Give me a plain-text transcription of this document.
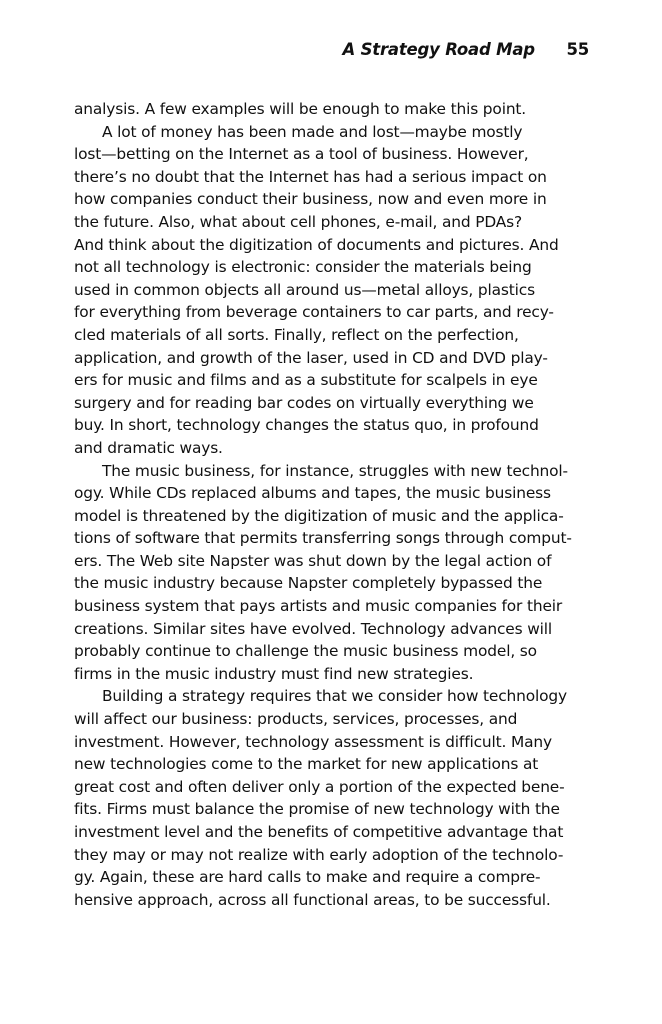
A Strategy Road Map 55
analysis. A few examples will be enough to make this point.
A lot of money has been made and lost—maybe mostly
lost—betting on the Internet as a tool of business. However,
there’s no doubt that the Internet has had a serious impact on
how companies conduct their business, now and even more in
the future. Also, what about cell phones, e-mail, and PDAs?
And think about the digitization of documents and pictures. And
not all technology is electronic: consider the materials being
used in common objects all around us—metal alloys, plastics
for everything from beverage containers to car parts, and recy-
cled materials of all sorts. Finally, reflect on the perfection,
application, and growth of the laser, used in CD and DVD play-
ers for music and films and as a substitute for scalpels in eye
surgery and for reading bar codes on virtually everything we
buy. In short, technology changes the status quo, in profound
and dramatic ways.
The music business, for instance, struggles with new technol-
ogy. While CDs replaced albums and tapes, the music business
model is threatened by the digitization of music and the applica-
tions of software that permits transferring songs through comput-
ers. The Web site Napster was shut down by the legal action of
the music industry because Napster completely bypassed the
business system that pays artists and music companies for their
creations. Similar sites have evolved. Technology advances will
probably continue to challenge the music business model, so
firms in the music industry must find new strategies.
Building a strategy requires that we consider how technology
will affect our business: products, services, processes, and
investment. However, technology assessment is difficult. Many
new technologies come to the market for new applications at
great cost and often deliver only a portion of the expected bene-
fits. Firms must balance the promise of new technology with the
investment level and the benefits of competitive advantage that
they may or may not realize with early adoption of the technolo-
gy. Again, these are hard calls to make and require a compre-
hensive approach, across all functional areas, to be successful.
